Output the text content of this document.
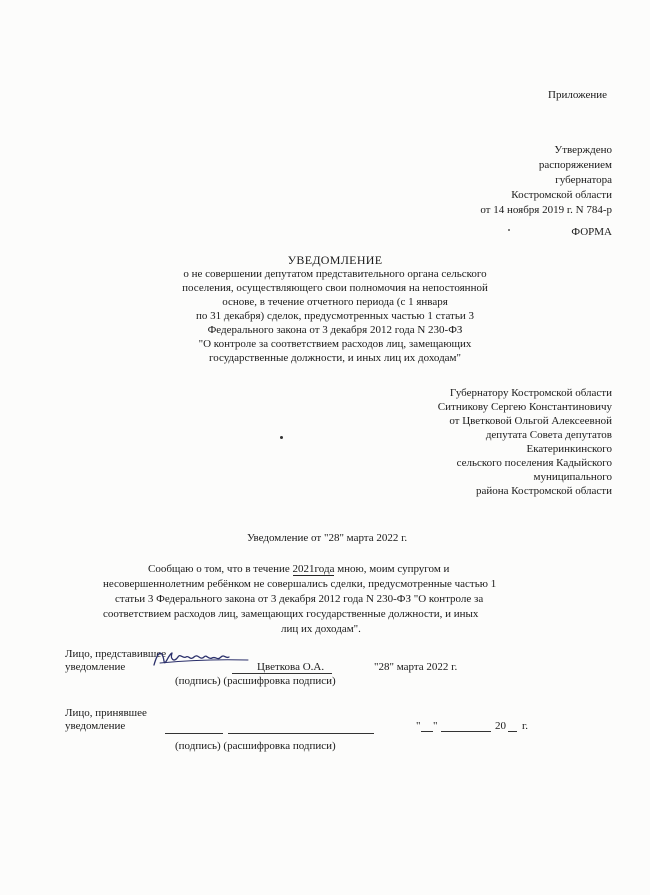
Приложение
Утверждено
распоряжением
губернатора
Костромской области
от 14 ноября 2019 г. N 784-р
ФОРМА
УВЕДОМЛЕНИЕ
о не совершении депутатом представительного органа сельского
поселения, осуществляющего свои полномочия на непостоянной
основе, в течение отчетного периода (с 1 января
по 31 декабря) сделок, предусмотренных частью 1 статьи 3
Федерального закона от 3 декабря 2012 года N 230-ФЗ
"О контроле за соответствием расходов лиц, замещающих
государственные должности, и иных лиц их доходам"
Губернатору Костромской области
Ситникову Сергею Константиновичу
от Цветковой Ольгой Алексеевной
депутата Совета депутатов
Екатеринкинского
сельского поселения Кадыйского
муниципального
района Костромской области
Уведомление от "28" марта 2022 г.
Сообщаю о том, что в течение 2021года мною, моим супругом и
несовершеннолетним ребёнком не совершались сделки, предусмотренные частью 1
статьи 3 Федерального закона от 3 декабря 2012 года N 230-ФЗ "О контроле за
соответствием расходов лиц, замещающих государственные должности, и иных
лиц их доходам".
Лицо, представившее
уведомление	Цветкова О.А.	"28" марта 2022 г.
(подпись) (расшифровка подписи)
Лицо, принявшее
уведомление	" "	20 г.
(подпись) (расшифровка подписи)
